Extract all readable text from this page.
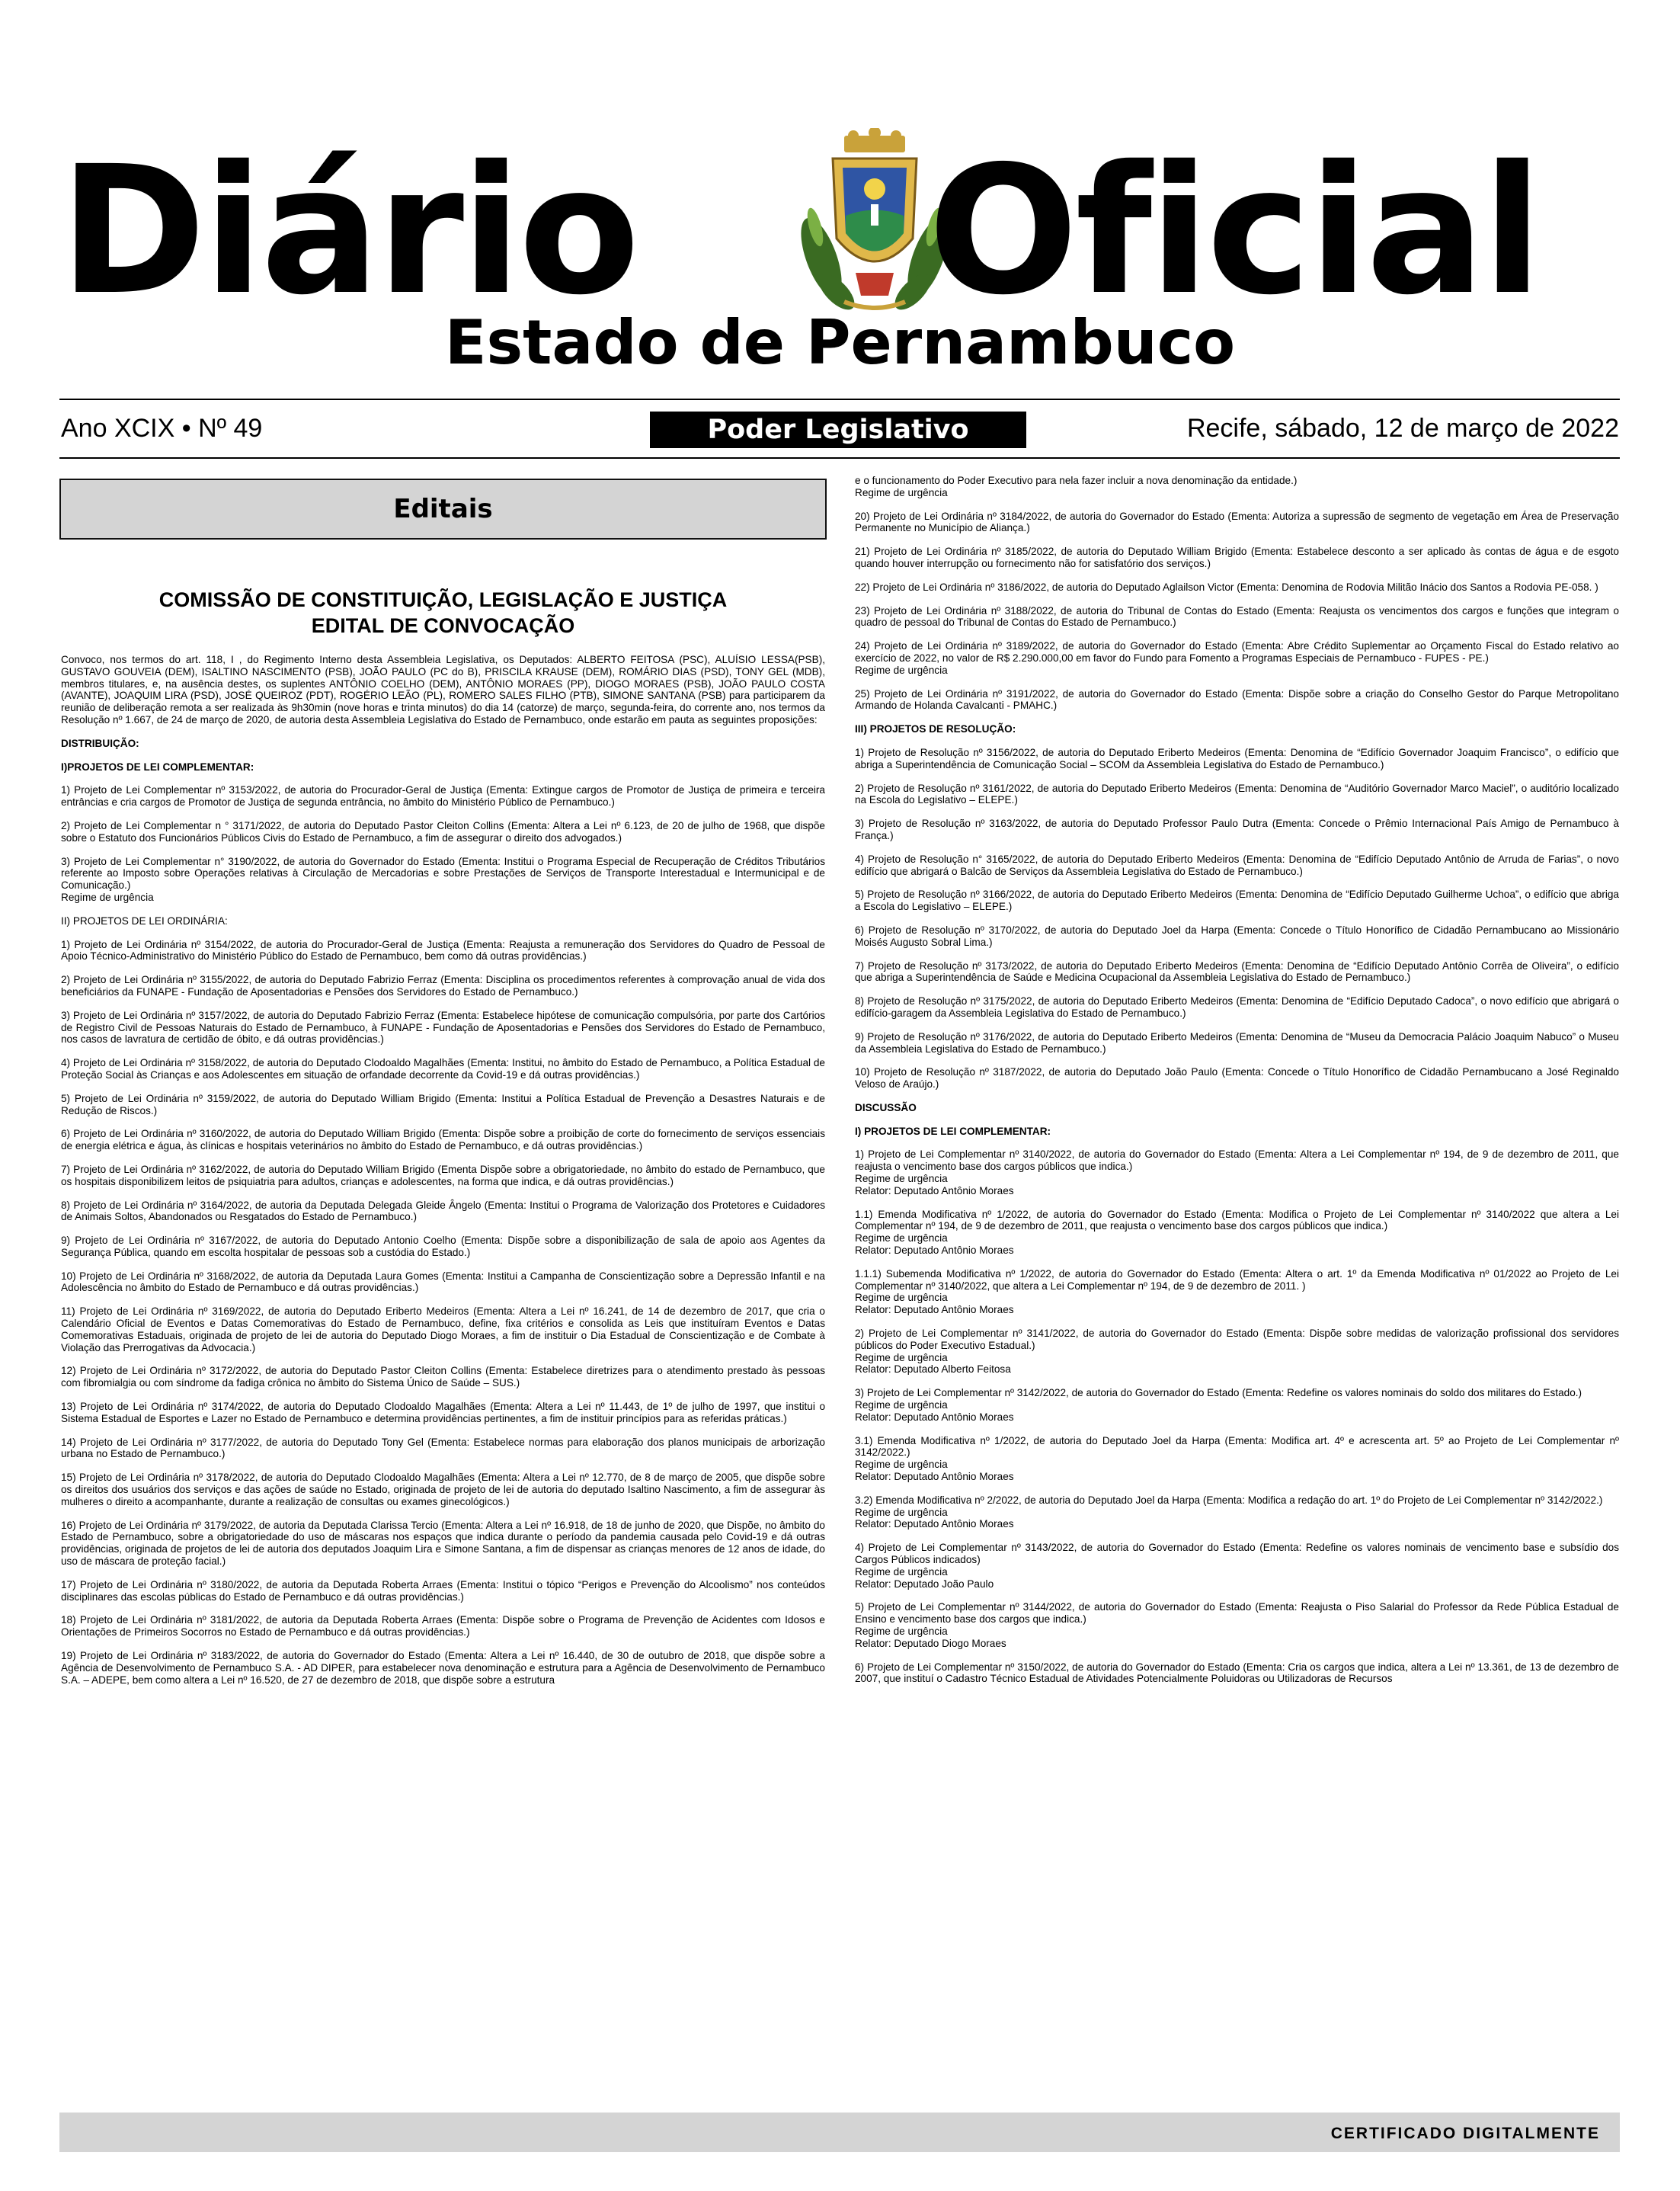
Diário Oficial
Estado de Pernambuco
Ano XCIX • Nº 49	Poder Legislativo	Recife, sábado, 12 de março de 2022
Editais
COMISSÃO DE CONSTITUIÇÃO, LEGISLAÇÃO E JUSTIÇA
EDITAL DE CONVOCAÇÃO

Convoco, nos termos do art. 118, I , do Regimento Interno desta Assembleia Legislativa, os Deputados: ALBERTO FEITOSA (PSC), ALUÍSIO LESSA(PSB), GUSTAVO GOUVEIA (DEM), ISALTINO NASCIMENTO (PSB), JOÃO PAULO (PC do B), PRISCILA KRAUSE (DEM), ROMÁRIO DIAS (PSD), TONY GEL (MDB), membros titulares, e, na ausência destes, os suplentes ANTÔNIO COELHO (DEM), ANTÔNIO MORAES (PP), DIOGO MORAES (PSB), JOÃO PAULO COSTA (AVANTE), JOAQUIM LIRA (PSD), JOSÉ QUEIROZ (PDT), ROGÉRIO LEÃO (PL), ROMERO SALES FILHO (PTB), SIMONE SANTANA (PSB) para participarem da reunião de deliberação remota a ser realizada às 9h30min (nove horas e trinta minutos) do dia 14 (catorze) de março, segunda-feira, do corrente ano, nos termos da Resolução nº 1.667, de 24 de março de 2020, de autoria desta Assembleia Legislativa do Estado de Pernambuco, onde estarão em pauta as seguintes proposições:

DISTRIBUIÇÃO:

I)PROJETOS DE LEI COMPLEMENTAR:

1) Projeto de Lei Complementar nº 3153/2022, de autoria do Procurador-Geral de Justiça (Ementa: Extingue cargos de Promotor de Justiça de primeira e terceira entrâncias e cria cargos de Promotor de Justiça de segunda entrância, no âmbito do Ministério Público de Pernambuco.)

2) Projeto de Lei Complementar n ° 3171/2022, de autoria do Deputado Pastor Cleiton Collins (Ementa: Altera a Lei nº 6.123, de 20 de julho de 1968, que dispõe sobre o Estatuto dos Funcionários Públicos Civis do Estado de Pernambuco, a fim de assegurar o direito dos advogados.)

3) Projeto de Lei Complementar n° 3190/2022, de autoria do Governador do Estado (Ementa: Institui o Programa Especial de Recuperação de Créditos Tributários referente ao Imposto sobre Operações relativas à Circulação de Mercadorias e sobre Prestações de Serviços de Transporte Interestadual e Intermunicipal e de Comunicação.)
Regime de urgência

II) PROJETOS DE LEI ORDINÁRIA:

1) Projeto de Lei Ordinária nº 3154/2022, de autoria do Procurador-Geral de Justiça (Ementa: Reajusta a remuneração dos Servidores do Quadro de Pessoal de Apoio Técnico-Administrativo do Ministério Público do Estado de Pernambuco, bem como dá outras providências.)

2) Projeto de Lei Ordinária nº 3155/2022, de autoria do Deputado Fabrizio Ferraz (Ementa: Disciplina os procedimentos referentes à comprovação anual de vida dos beneficiários da FUNAPE - Fundação de Aposentadorias e Pensões dos Servidores do Estado de Pernambuco.)

3) Projeto de Lei Ordinária nº 3157/2022, de autoria do Deputado Fabrizio Ferraz (Ementa: Estabelece hipótese de comunicação compulsória, por parte dos Cartórios de Registro Civil de Pessoas Naturais do Estado de Pernambuco, à FUNAPE - Fundação de Aposentadorias e Pensões dos Servidores do Estado de Pernambuco, nos casos de lavratura de certidão de óbito, e dá outras providências.)

4) Projeto de Lei Ordinária nº 3158/2022, de autoria do Deputado Clodoaldo Magalhães (Ementa: Institui, no âmbito do Estado de Pernambuco, a Política Estadual de Proteção Social às Crianças e aos Adolescentes em situação de orfandade decorrente da Covid-19 e dá outras providências.)

5) Projeto de Lei Ordinária nº 3159/2022, de autoria do Deputado William Brigido (Ementa: Institui a Política Estadual de Prevenção a Desastres Naturais e de Redução de Riscos.)

6) Projeto de Lei Ordinária nº 3160/2022, de autoria do Deputado William Brigido (Ementa: Dispõe sobre a proibição de corte do fornecimento de serviços essenciais de energia elétrica e água, às clínicas e hospitais veterinários no âmbito do Estado de Pernambuco, e dá outras providências.)

7) Projeto de Lei Ordinária nº 3162/2022, de autoria do Deputado William Brigido (Ementa Dispõe sobre a obrigatoriedade, no âmbito do estado de Pernambuco, que os hospitais disponibilizem leitos de psiquiatria para adultos, crianças e adolescentes, na forma que indica, e dá outras providências.)

8) Projeto de Lei Ordinária nº 3164/2022, de autoria da Deputada Delegada Gleide Ângelo (Ementa: Institui o Programa de Valorização dos Protetores e Cuidadores de Animais Soltos, Abandonados ou Resgatados do Estado de Pernambuco.)

9) Projeto de Lei Ordinária nº 3167/2022, de autoria do Deputado Antonio Coelho (Ementa: Dispõe sobre a disponibilização de sala de apoio aos Agentes da Segurança Pública, quando em escolta hospitalar de pessoas sob a custódia do Estado.)

10) Projeto de Lei Ordinária nº 3168/2022, de autoria da Deputada Laura Gomes (Ementa: Institui a Campanha de Conscientização sobre a Depressão Infantil e na Adolescência no âmbito do Estado de Pernambuco e dá outras providências.)

11) Projeto de Lei Ordinária nº 3169/2022, de autoria do Deputado Eriberto Medeiros (Ementa: Altera a Lei nº 16.241, de 14 de dezembro de 2017, que cria o Calendário Oficial de Eventos e Datas Comemorativas do Estado de Pernambuco, define, fixa critérios e consolida as Leis que instituíram Eventos e Datas Comemorativas Estaduais, originada de projeto de lei de autoria do Deputado Diogo Moraes, a fim de instituir o Dia Estadual de Conscientização e de Combate à Violação das Prerrogativas da Advocacia.)

12) Projeto de Lei Ordinária nº 3172/2022, de autoria do Deputado Pastor Cleiton Collins (Ementa: Estabelece diretrizes para o atendimento prestado às pessoas com fibromialgia ou com síndrome da fadiga crônica no âmbito do Sistema Único de Saúde – SUS.)

13) Projeto de Lei Ordinária nº 3174/2022, de autoria do Deputado Clodoaldo Magalhães (Ementa: Altera a Lei nº 11.443, de 1º de julho de 1997, que institui o Sistema Estadual de Esportes e Lazer no Estado de Pernambuco e determina providências pertinentes, a fim de instituir princípios para as referidas práticas.)

14) Projeto de Lei Ordinária nº 3177/2022, de autoria do Deputado Tony Gel (Ementa: Estabelece normas para elaboração dos planos municipais de arborização urbana no Estado de Pernambuco.)

15) Projeto de Lei Ordinária nº 3178/2022, de autoria do Deputado Clodoaldo Magalhães (Ementa: Altera a Lei nº 12.770, de 8 de março de 2005, que dispõe sobre os direitos dos usuários dos serviços e das ações de saúde no Estado, originada de projeto de lei de autoria do deputado Isaltino Nascimento, a fim de assegurar às mulheres o direito a acompanhante, durante a realização de consultas ou exames ginecológicos.)

16) Projeto de Lei Ordinária nº 3179/2022, de autoria da Deputada Clarissa Tercio (Ementa: Altera a Lei nº 16.918, de 18 de junho de 2020, que Dispõe, no âmbito do Estado de Pernambuco, sobre a obrigatoriedade do uso de máscaras nos espaços que indica durante o período da pandemia causada pelo Covid-19 e dá outras providências, originada de projetos de lei de autoria dos deputados Joaquim Lira e Simone Santana, a fim de dispensar as crianças menores de 12 anos de idade, do uso de máscara de proteção facial.)

17) Projeto de Lei Ordinária nº 3180/2022, de autoria da Deputada Roberta Arraes (Ementa: Institui o tópico “Perigos e Prevenção do Alcoolismo” nos conteúdos disciplinares das escolas públicas do Estado de Pernambuco e dá outras providências.)

18) Projeto de Lei Ordinária nº 3181/2022, de autoria da Deputada Roberta Arraes (Ementa: Dispõe sobre o Programa de Prevenção de Acidentes com Idosos e Orientações de Primeiros Socorros no Estado de Pernambuco e dá outras providências.)

19) Projeto de Lei Ordinária nº 3183/2022, de autoria do Governador do Estado (Ementa: Altera a Lei nº 16.440, de 30 de outubro de 2018, que dispõe sobre a Agência de Desenvolvimento de Pernambuco S.A. - AD DIPER, para estabelecer nova denominação e estrutura para a Agência de Desenvolvimento de Pernambuco S.A. – ADEPE, bem como altera a Lei nº 16.520, de 27 de dezembro de 2018, que dispõe sobre a estrutura

e o funcionamento do Poder Executivo para nela fazer incluir a nova denominação da entidade.)
Regime de urgência

20) Projeto de Lei Ordinária nº 3184/2022, de autoria do Governador do Estado (Ementa: Autoriza a supressão de segmento de vegetação em Área de Preservação Permanente no Município de Aliança.)

21) Projeto de Lei Ordinária nº 3185/2022, de autoria do Deputado William Brigido (Ementa: Estabelece desconto a ser aplicado às contas de água e de esgoto quando houver interrupção ou fornecimento não for satisfatório dos serviços.)

22) Projeto de Lei Ordinária nº 3186/2022, de autoria do Deputado Aglailson Victor (Ementa: Denomina de Rodovia Militão Inácio dos Santos a Rodovia PE-058. )

23) Projeto de Lei Ordinária nº 3188/2022, de autoria do Tribunal de Contas do Estado (Ementa: Reajusta os vencimentos dos cargos e funções que integram o quadro de pessoal do Tribunal de Contas do Estado de Pernambuco.)

24) Projeto de Lei Ordinária nº 3189/2022, de autoria do Governador do Estado (Ementa: Abre Crédito Suplementar ao Orçamento Fiscal do Estado relativo ao exercício de 2022, no valor de R$ 2.290.000,00 em favor do Fundo para Fomento a Programas Especiais de Pernambuco - FUPES - PE.)
Regime de urgência

25) Projeto de Lei Ordinária nº 3191/2022, de autoria do Governador do Estado (Ementa: Dispõe sobre a criação do Conselho Gestor do Parque Metropolitano Armando de Holanda Cavalcanti - PMAHC.)

III) PROJETOS DE RESOLUÇÃO:

1) Projeto de Resolução nº 3156/2022, de autoria do Deputado Eriberto Medeiros (Ementa: Denomina de “Edifício Governador Joaquim Francisco”, o edifício que abriga a Superintendência de Comunicação Social – SCOM da Assembleia Legislativa do Estado de Pernambuco.)

2) Projeto de Resolução nº 3161/2022, de autoria do Deputado Eriberto Medeiros (Ementa: Denomina de “Auditório Governador Marco Maciel”, o auditório localizado na Escola do Legislativo – ELEPE.)

3) Projeto de Resolução nº 3163/2022, de autoria do Deputado Professor Paulo Dutra (Ementa: Concede o Prêmio Internacional País Amigo de Pernambuco à França.)

4) Projeto de Resolução n° 3165/2022, de autoria do Deputado Eriberto Medeiros (Ementa: Denomina de “Edifício Deputado Antônio de Arruda de Farias”, o novo edifício que abrigará o Balcão de Serviços da Assembleia Legislativa do Estado de Pernambuco.)

5) Projeto de Resolução nº 3166/2022, de autoria do Deputado Eriberto Medeiros (Ementa: Denomina de “Edifício Deputado Guilherme Uchoa”, o edifício que abriga a Escola do Legislativo – ELEPE.)

6) Projeto de Resolução nº 3170/2022, de autoria do Deputado Joel da Harpa (Ementa: Concede o Título Honorífico de Cidadão Pernambucano ao Missionário Moisés Augusto Sobral Lima.)

7) Projeto de Resolução nº 3173/2022, de autoria do Deputado Eriberto Medeiros (Ementa: Denomina de “Edifício Deputado Antônio Corrêa de Oliveira”, o edifício que abriga a Superintendência de Saúde e Medicina Ocupacional da Assembleia Legislativa do Estado de Pernambuco.)

8) Projeto de Resolução nº 3175/2022, de autoria do Deputado Eriberto Medeiros (Ementa: Denomina de “Edifício Deputado Cadoca”, o novo edifício que abrigará o edifício-garagem da Assembleia Legislativa do Estado de Pernambuco.)

9) Projeto de Resolução nº 3176/2022, de autoria do Deputado Eriberto Medeiros (Ementa: Denomina de “Museu da Democracia Palácio Joaquim Nabuco” o Museu da Assembleia Legislativa do Estado de Pernambuco.)

10) Projeto de Resolução nº 3187/2022, de autoria do Deputado João Paulo (Ementa: Concede o Título Honorífico de Cidadão Pernambucano a José Reginaldo Veloso de Araújo.)

DISCUSSÃO

I) PROJETOS DE LEI COMPLEMENTAR:

1) Projeto de Lei Complementar nº 3140/2022, de autoria do Governador do Estado (Ementa: Altera a Lei Complementar nº 194, de 9 de dezembro de 2011, que reajusta o vencimento base dos cargos públicos que indica.)
Regime de urgência
Relator: Deputado Antônio Moraes

1.1) Emenda Modificativa nº 1/2022, de autoria do Governador do Estado (Ementa: Modifica o Projeto de Lei Complementar nº 3140/2022 que altera a Lei Complementar nº 194, de 9 de dezembro de 2011, que reajusta o vencimento base dos cargos públicos que indica.)
Regime de urgência
Relator: Deputado Antônio Moraes

1.1.1) Subemenda Modificativa nº 1/2022, de autoria do Governador do Estado (Ementa: Altera o art. 1º da Emenda Modificativa nº 01/2022 ao Projeto de Lei Complementar nº 3140/2022, que altera a Lei Complementar nº 194, de 9 de dezembro de 2011. )
Regime de urgência
Relator: Deputado Antônio Moraes

2) Projeto de Lei Complementar nº 3141/2022, de autoria do Governador do Estado (Ementa: Dispõe sobre medidas de valorização profissional dos servidores públicos do Poder Executivo Estadual.)
Regime de urgência
Relator: Deputado Alberto Feitosa

3) Projeto de Lei Complementar nº 3142/2022, de autoria do Governador do Estado (Ementa: Redefine os valores nominais do soldo dos militares do Estado.)
Regime de urgência
Relator: Deputado Antônio Moraes

3.1) Emenda Modificativa nº 1/2022, de autoria do Deputado Joel da Harpa (Ementa: Modifica art. 4º e acrescenta art. 5º ao Projeto de Lei Complementar nº 3142/2022.)
Regime de urgência
Relator: Deputado Antônio Moraes

3.2) Emenda Modificativa nº 2/2022, de autoria do Deputado Joel da Harpa (Ementa: Modifica a redação do art. 1º do Projeto de Lei Complementar nº 3142/2022.)
Regime de urgência
Relator: Deputado Antônio Moraes

4) Projeto de Lei Complementar nº 3143/2022, de autoria do Governador do Estado (Ementa: Redefine os valores nominais de vencimento base e subsídio dos Cargos Públicos indicados)
Regime de urgência
Relator: Deputado João Paulo

5) Projeto de Lei Complementar nº 3144/2022, de autoria do Governador do Estado (Ementa: Reajusta o Piso Salarial do Professor da Rede Pública Estadual de Ensino e vencimento base dos cargos que indica.)
Regime de urgência
Relator: Deputado Diogo Moraes

6) Projeto de Lei Complementar nº 3150/2022, de autoria do Governador do Estado (Ementa: Cria os cargos que indica, altera a Lei nº 13.361, de 13 de dezembro de 2007, que instituí o Cadastro Técnico Estadual de Atividades Potencialmente Poluidoras ou Utilizadoras de Recursos

CERTIFICADO DIGITALMENTE
